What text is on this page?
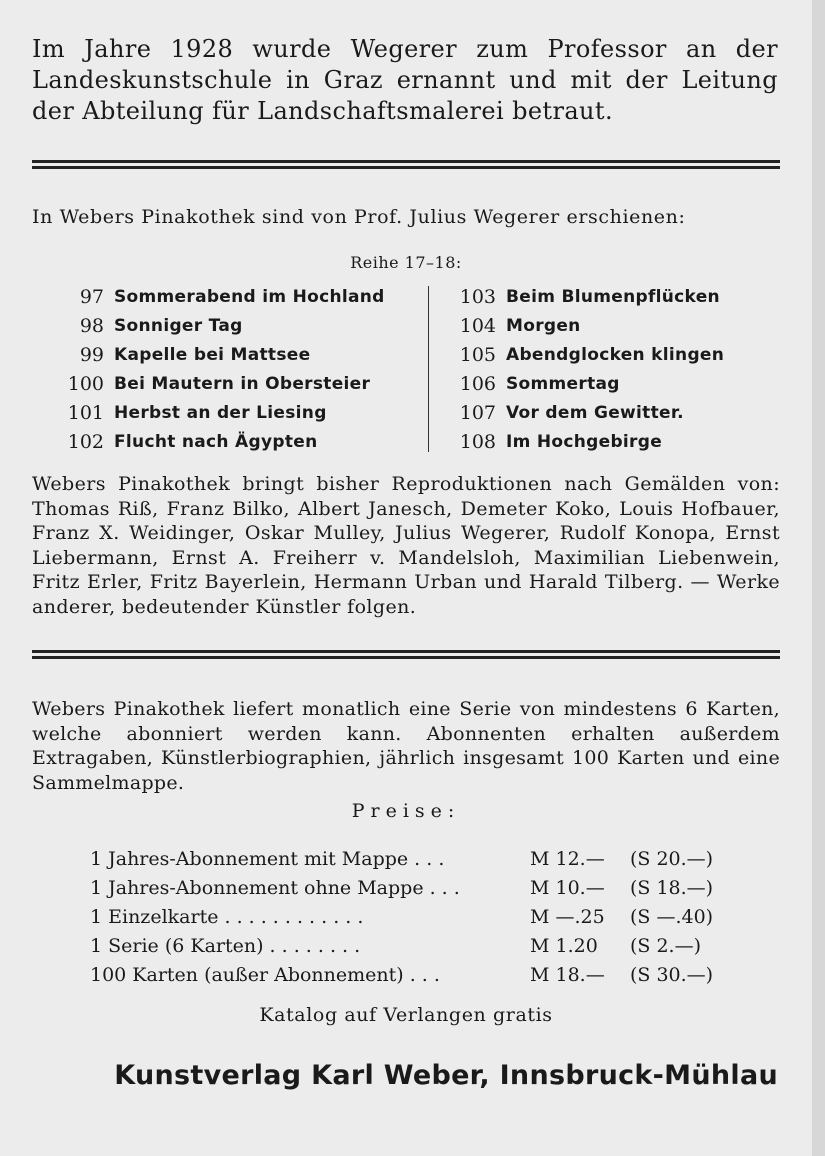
Im Jahre 1928 wurde Wegerer zum Professor an der Landeskunstschule in Graz ernannt und mit der Leitung der Abteilung für Landschaftsmalerei betraut.
In Webers Pinakothek sind von Prof. Julius Wegerer erschienen:
Reihe 17–18:
97 Sommerabend im Hochland
98 Sonniger Tag
99 Kapelle bei Mattsee
100 Bei Mautern in Obersteier
101 Herbst an der Liesing
102 Flucht nach Ägypten
103 Beim Blumenpflücken
104 Morgen
105 Abendglocken klingen
106 Sommertag
107 Vor dem Gewitter.
108 Im Hochgebirge
Webers Pinakothek bringt bisher Reproduktionen nach Gemälden von: Thomas Riß, Franz Bilko, Albert Janesch, Demeter Koko, Louis Hofbauer, Franz X. Weidinger, Oskar Mulley, Julius Wegerer, Rudolf Konopa, Ernst Liebermann, Ernst A. Freiherr v. Mandelsloh, Maximilian Liebenwein, Fritz Erler, Fritz Bayerlein, Hermann Urban und Harald Tilberg. — Werke anderer, bedeutender Künstler folgen.
Webers Pinakothek liefert monatlich eine Serie von mindestens 6 Karten, welche abonniert werden kann. Abonnenten erhalten außerdem Extragaben, Künstlerbiographien, jährlich insgesamt 100 Karten und eine Sammelmappe.
Preise:
1 Jahres-Abonnement mit Mappe . . .	M 12.—	(S 20.—)
1 Jahres-Abonnement ohne Mappe . . .	M 10.—	(S 18.—)
1 Einzelkarte . . . . . . . . . . . .	M —.25	(S —.40)
1 Serie (6 Karten) . . . . . . . .	M 1.20	(S 2.—)
100 Karten (außer Abonnement) . . .	M 18.—	(S 30.—)
Katalog auf Verlangen gratis
Kunstverlag Karl Weber, Innsbruck-Mühlau
